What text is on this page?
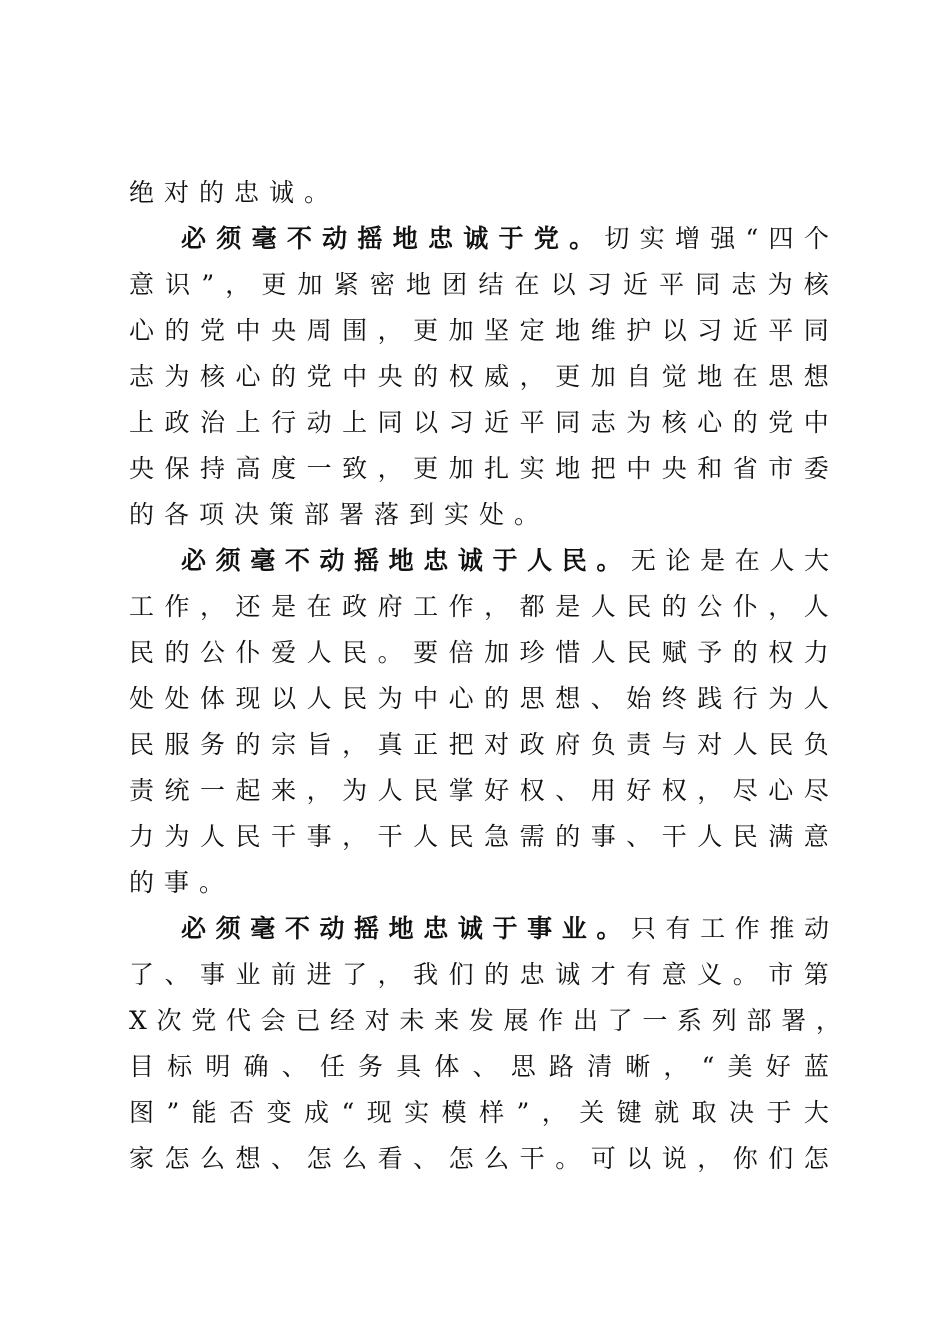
绝对的忠诚。
必 须 毫 不 动 摇 地 忠 诚 于 党 。 切 实 增 强 “ 四 个
意 识 ” ， 更 加 紧 密 地 团 结 在 以 习 近 平 同 志 为 核
心 的 党 中 央 周 围 ， 更 加 坚 定 地 维 护 以 习 近 平 同
志 为 核 心 的 党 中 央 的 权 威 ， 更 加 自 觉 地 在 思 想
上 政 治 上 行 动 上 同 以 习 近 平 同 志 为 核 心 的 党 中
央 保 持 高 度 一 致 ， 更 加 扎 实 地 把 中 央 和 省 市 委
的各项决策部署落到实处。
必 须 毫 不 动 摇 地 忠 诚 于 人 民 。 无 论 是 在 人 大
工 作 ， 还 是 在 政 府 工 作 ， 都 是 人 民 的 公 仆 ， 人
民 的 公 仆 爱 人 民 。 要 倍 加 珍 惜 人 民 赋 予 的 权 力
处 处 体 现 以 人 民 为 中 心 的 思 想 、 始 终 践 行 为 人
民 服 务 的 宗 旨 ， 真 正 把 对 政 府 负 责 与 对 人 民 负
责 统 一 起 来 ， 为 人 民 掌 好 权 、 用 好 权 ， 尽 心 尽
力 为 人 民 干 事 ， 干 人 民 急 需 的 事 、 干 人 民 满 意
的事。
必 须 毫 不 动 摇 地 忠 诚 于 事 业 。 只 有 工 作 推 动
了 、 事 业 前 进 了 ， 我 们 的 忠 诚 才 有 意 义 。 市 第
X 次 党 代 会 已 经 对 未 来 发 展 作 出 了 一 系 列 部 署 ，
目 标 明 确 、 任 务 具 体 、 思 路 清 晰 ， “ 美 好 蓝
图 ” 能 否 变 成 “ 现 实 模 样 ” ， 关 键 就 取 决 于 大
家 怎 么 想 、 怎 么 看 、 怎 么 干 。 可 以 说 ， 你 们 怎
